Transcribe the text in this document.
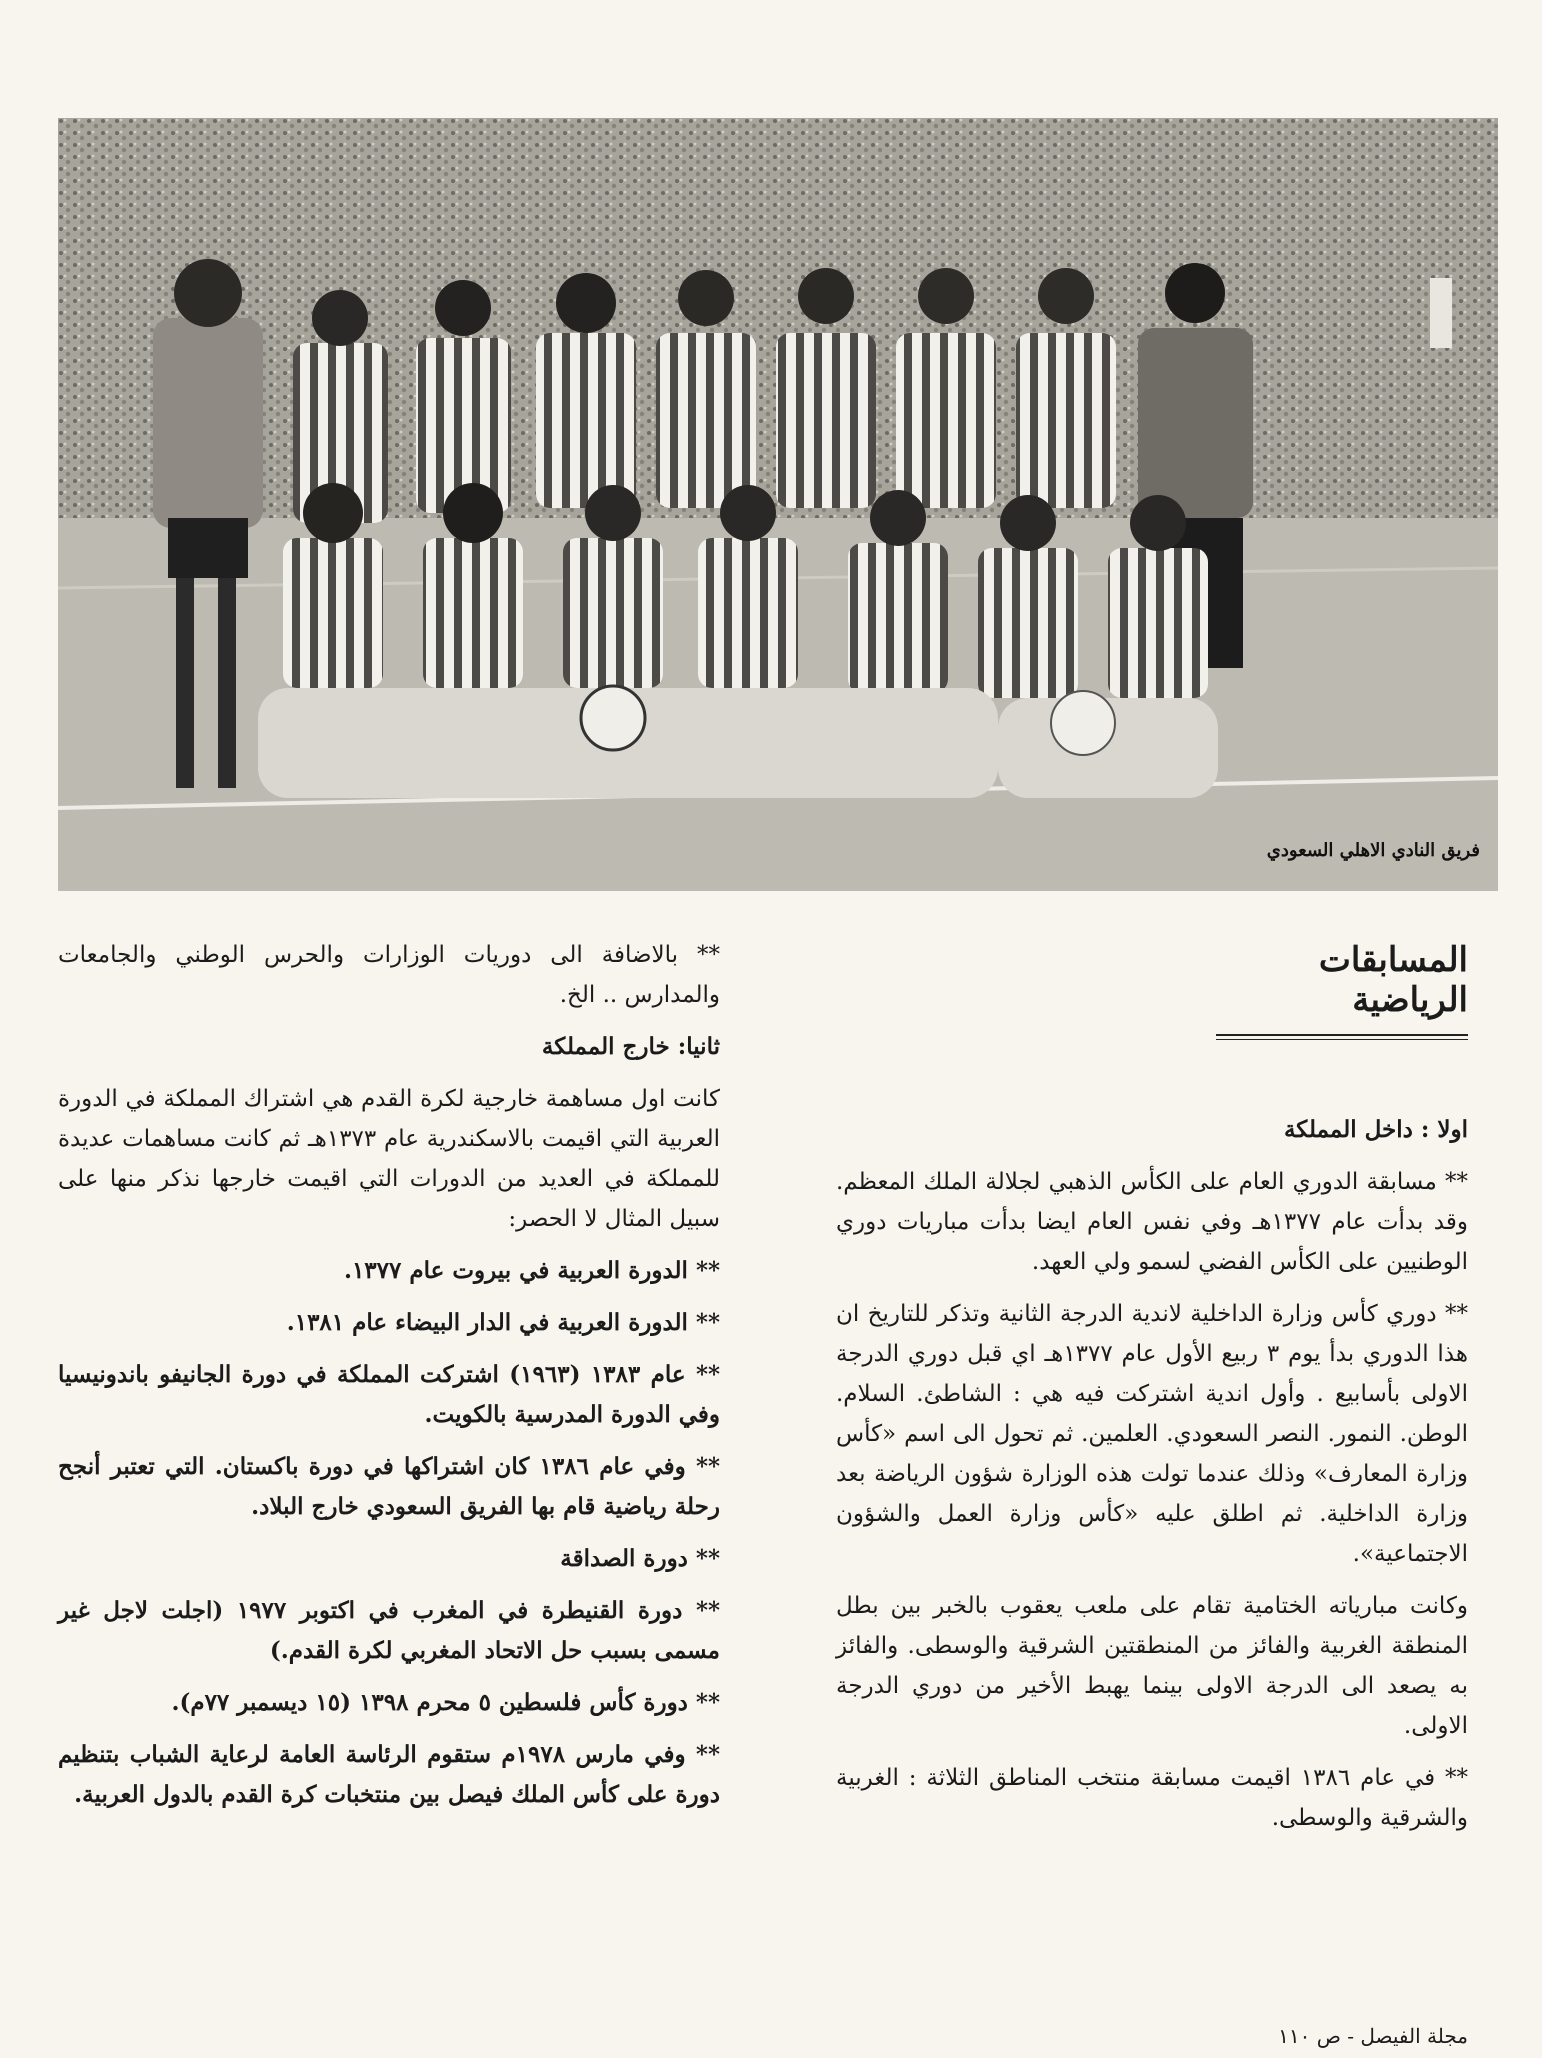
فريق النادي الاهلي السعودي
المسابقات الرياضية

اولا : داخل المملكة

** مسابقة الدوري العام على الكأس الذهبي لجلالة الملك المعظم. وقد بدأت عام ١٣٧٧هـ وفي نفس العام ايضا بدأت مباريات دوري الوطنيين على الكأس الفضي لسمو ولي العهد.

** دوري كأس وزارة الداخلية لاندية الدرجة الثانية وتذكر للتاريخ ان هذا الدوري بدأ يوم ٣ ربيع الأول عام ١٣٧٧هـ اي قبل دوري الدرجة الاولى بأسابيع . وأول اندية اشتركت فيه هي : الشاطئ. السلام. الوطن. النمور. النصر السعودي. العلمين. ثم تحول الى اسم «كأس وزارة المعارف» وذلك عندما تولت هذه الوزارة شؤون الرياضة بعد وزارة الداخلية. ثم اطلق عليه «كأس وزارة العمل والشؤون الاجتماعية».

وكانت مبارياته الختامية تقام على ملعب يعقوب بالخبر بين بطل المنطقة الغربية والفائز من المنطقتين الشرقية والوسطى. والفائز به يصعد الى الدرجة الاولى بينما يهبط الأخير من دوري الدرجة الاولى.

** في عام ١٣٨٦ اقيمت مسابقة منتخب المناطق الثلاثة : الغربية والشرقية والوسطى.

** بالاضافة الى دوريات الوزارات والحرس الوطني والجامعات والمدارس .. الخ.

ثانيا: خارج المملكة

كانت اول مساهمة خارجية لكرة القدم هي اشتراك المملكة في الدورة العربية التي اقيمت بالاسكندرية عام ١٣٧٣هـ ثم كانت مساهمات عديدة للمملكة في العديد من الدورات التي اقيمت خارجها نذكر منها على سبيل المثال لا الحصر:

** الدورة العربية في بيروت عام ١٣٧٧.

** الدورة العربية في الدار البيضاء عام ١٣٨١.

** عام ١٣٨٣ (١٩٦٣) اشتركت المملكة في دورة الجانيفو باندونيسيا وفي الدورة المدرسية بالكويت.

** وفي عام ١٣٨٦ كان اشتراكها في دورة باكستان. التي تعتبر أنجح رحلة رياضية قام بها الفريق السعودي خارج البلاد.

** دورة الصداقة

** دورة القنيطرة في المغرب في اكتوبر ١٩٧٧ (اجلت لاجل غير مسمى بسبب حل الاتحاد المغربي لكرة القدم.)

** دورة كأس فلسطين ٥ محرم ١٣٩٨ (١٥ ديسمبر ٧٧م).

** وفي مارس ١٩٧٨م ستقوم الرئاسة العامة لرعاية الشباب بتنظيم دورة على كأس الملك فيصل بين منتخبات كرة القدم بالدول العربية.

مجلة الفيصل - ص ١١٠
